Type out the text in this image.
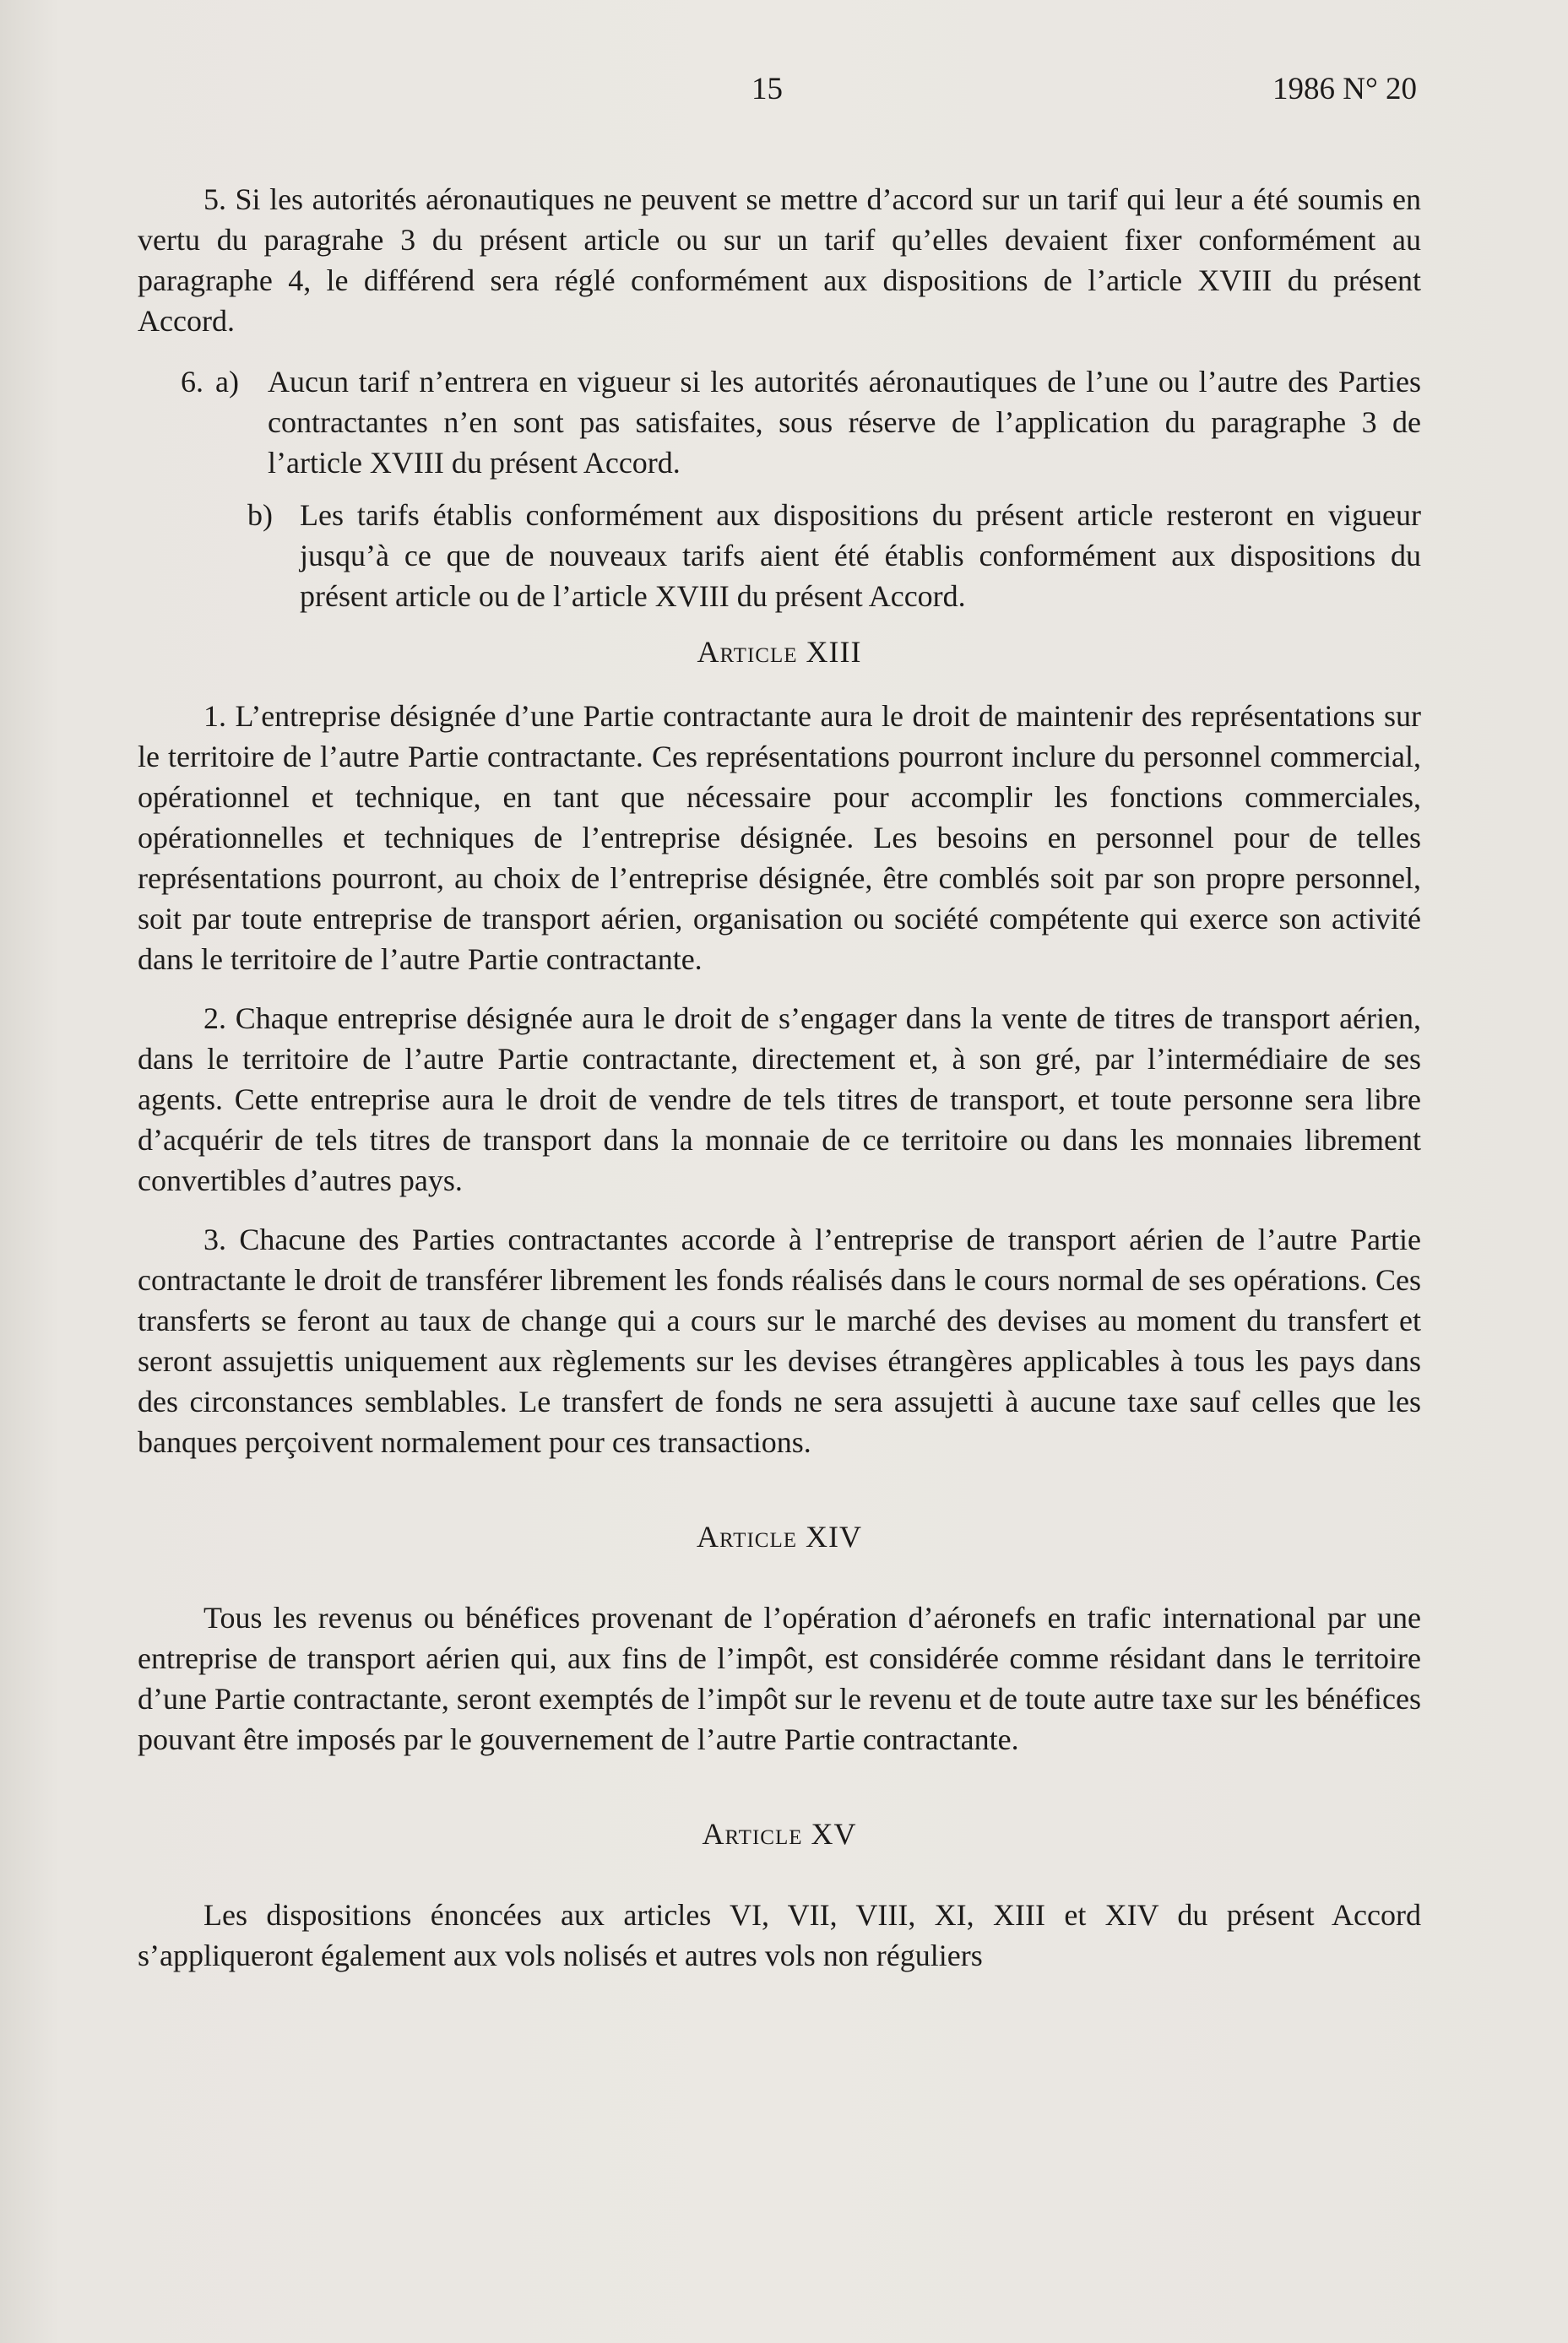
15	1986 N° 20

5. Si les autorités aéronautiques ne peuvent se mettre d’accord sur un tarif qui leur a été soumis en vertu du paragrahe 3 du présent article ou sur un tarif qu’elles devaient fixer conformément au paragraphe 4, le différend sera réglé conformément aux dispositions de l’article XVIII du présent Accord.

6. a) Aucun tarif n’entrera en vigueur si les autorités aéronautiques de l’une ou l’autre des Parties contractantes n’en sont pas satisfaites, sous réserve de l’application du paragraphe 3 de l’article XVIII du présent Accord.
b) Les tarifs établis conformément aux dispositions du présent article resteront en vigueur jusqu’à ce que de nouveaux tarifs aient été établis conformément aux dispositions du présent article ou de l’article XVIII du présent Accord.
Article XIII

1. L’entreprise désignée d’une Partie contractante aura le droit de maintenir des représentations sur le territoire de l’autre Partie contractante. Ces représentations pourront inclure du personnel commercial, opérationnel et technique, en tant que nécessaire pour accomplir les fonctions commerciales, opérationnelles et techniques de l’entreprise désignée. Les besoins en personnel pour de telles représentations pourront, au choix de l’entreprise désignée, être comblés soit par son propre personnel, soit par toute entreprise de transport aérien, organisation ou société compétente qui exerce son activité dans le territoire de l’autre Partie contractante.

2. Chaque entreprise désignée aura le droit de s’engager dans la vente de titres de transport aérien, dans le territoire de l’autre Partie contractante, directement et, à son gré, par l’intermédiaire de ses agents. Cette entreprise aura le droit de vendre de tels titres de transport, et toute personne sera libre d’acquérir de tels titres de transport dans la monnaie de ce territoire ou dans les monnaies librement convertibles d’autres pays.

3. Chacune des Parties contractantes accorde à l’entreprise de transport aérien de l’autre Partie contractante le droit de transférer librement les fonds réalisés dans le cours normal de ses opérations. Ces transferts se feront au taux de change qui a cours sur le marché des devises au moment du transfert et seront assujettis uniquement aux règlements sur les devises étrangères applicables à tous les pays dans des circonstances semblables. Le transfert de fonds ne sera assujetti à aucune taxe sauf celles que les banques perçoivent normalement pour ces transactions.

Article XIV

Tous les revenus ou bénéfices provenant de l’opération d’aéronefs en trafic international par une entreprise de transport aérien qui, aux fins de l’impôt, est considérée comme résidant dans le territoire d’une Partie contractante, seront exemptés de l’impôt sur le revenu et de toute autre taxe sur les bénéfices pouvant être imposés par le gouvernement de l’autre Partie contractante.

Article XV

Les dispositions énoncées aux articles VI, VII, VIII, XI, XIII et XIV du présent Accord s’appliqueront également aux vols nolisés et autres vols non réguliers
